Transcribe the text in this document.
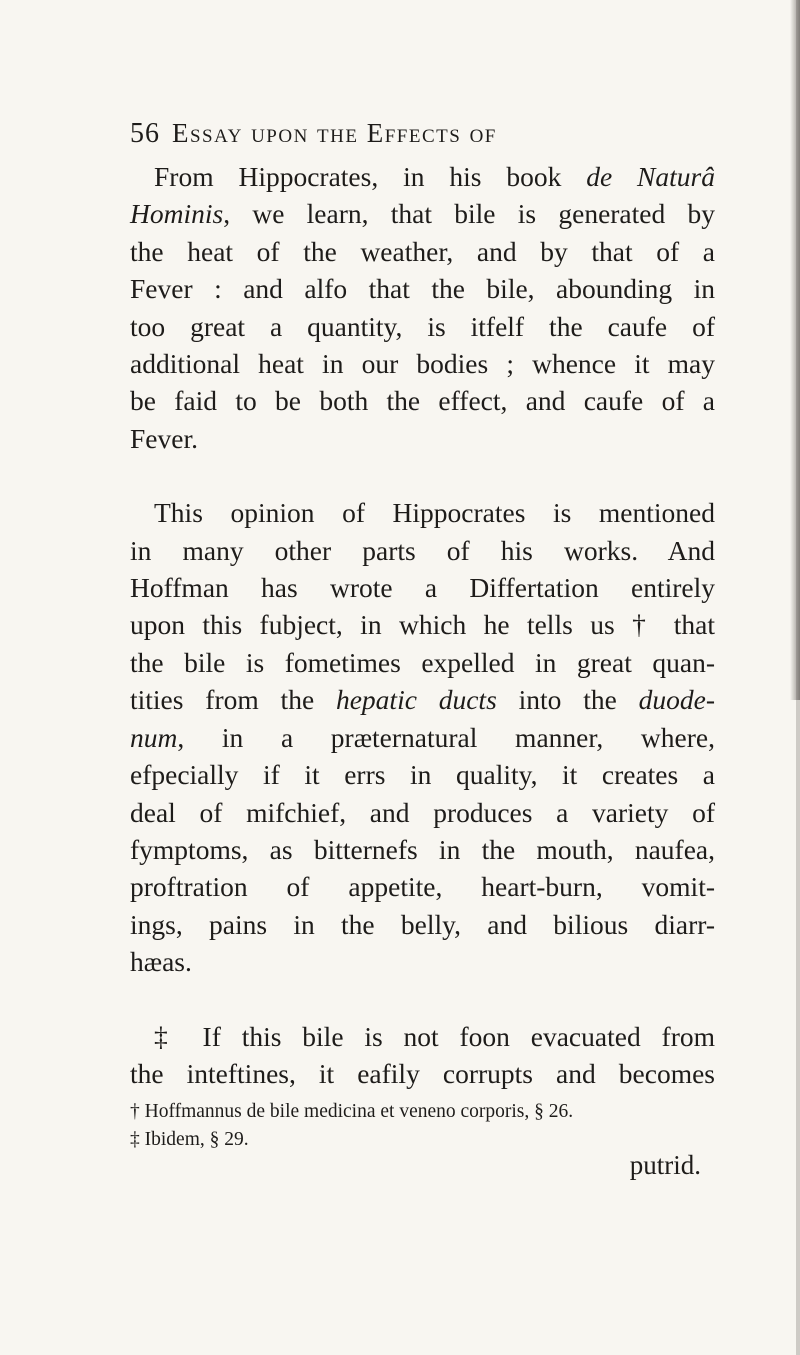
56 Essay upon the Effects of
From Hippocrates, in his book de Naturâ
Hominis, we learn, that bile is generated by
the heat of the weather, and by that of a
Fever : and alfo that the bile, abounding in
too great a quantity, is itfelf the caufe of
additional heat in our bodies ; whence it may
be faid to be both the effect, and caufe of a
Fever.
This opinion of Hippocrates is mentioned
in many other parts of his works. And
Hoffman has wrote a Differtation entirely
upon this fubject, in which he tells us † that
the bile is fometimes expelled in great quan-
tities from the hepatic ducts into the duode-
num, in a præternatural manner, where,
efpecially if it errs in quality, it creates a
deal of mifchief, and produces a variety of
fymptoms, as bitternefs in the mouth, naufea,
proftration of appetite, heart-burn, vomit-
ings, pains in the belly, and bilious diarr-
hæas.
‡ If this bile is not foon evacuated from
the inteftines, it eafily corrupts and becomes
† Hoffmannus de bile medicina et veneno corporis, § 26.
‡ Ibidem, § 29.
putrid.
